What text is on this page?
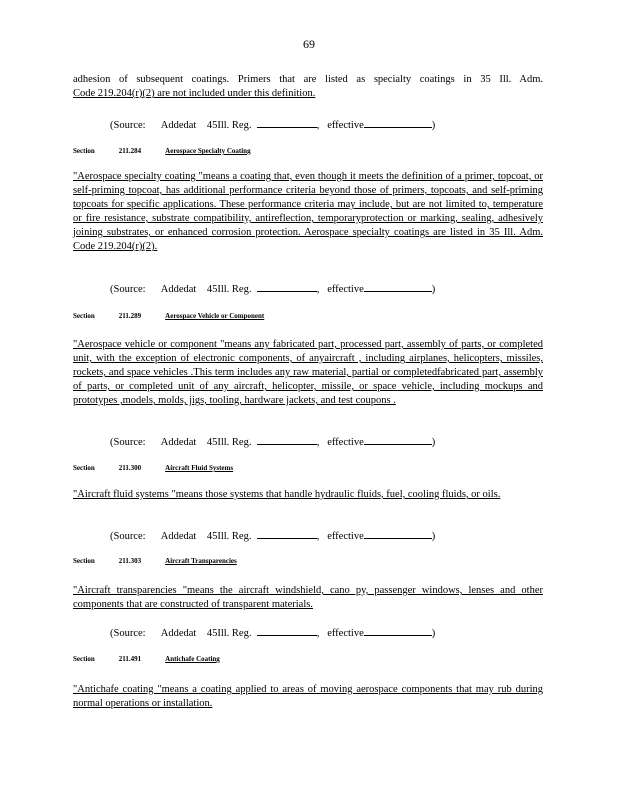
69
adhesion of subsequent coatings. Primers that are listed as specialty coatings in 35 Ill. Adm.
Code 219.204(r)(2) are not included under this definition.
(Source: Addedat 45Ill. Reg.	,   effective	)
Section	211.284	Aerospace Specialty Coating
"Aerospace specialty coating "means a coating that, even though it meets the definition of a primer, topcoat, or self-priming topcoat, has additional performance criteria beyond those of primers, topcoats, and self-priming topcoats for specific applications. These performance criteria may include, but are not limited to, temperature or fire resistance, substrate compatibility, antireflection, temporaryprotection or marking, sealing, adhesively joining substrates, or enhanced corrosion protection. Aerospace specialty coatings are listed in 35 Ill. Adm. Code 219.204(r)(2).
(Source: Addedat 45Ill. Reg.	,   effective	)
Section	211.289	Aerospace Vehicle or Component
"Aerospace vehicle or component "means any fabricated part, processed part, assembly of parts, or completed unit, with the exception of electronic components, of anyaircraft , including airplanes, helicopters, missiles, rockets, and space vehicles .This term includes any raw material, partial or completedfabricated part, assembly of parts, or completed unit of any aircraft, helicopter, missile, or space vehicle, including mockups and prototypes ,models, molds, jigs, tooling, hardware jackets, and test coupons .
(Source: Addedat 45Ill. Reg.	,   effective	)
Section	211.300	Aircraft Fluid Systems
"Aircraft fluid systems "means those systems that handle hydraulic fluids, fuel, cooling fluids, or oils.
(Source: Addedat 45Ill. Reg.	,   effective	)
Section	211.303	Aircraft Transparencies
"Aircraft transparencies "means the aircraft windshield, cano py, passenger windows, lenses and other components that are constructed of transparent materials.
(Source: Addedat 45Ill. Reg.	,   effective	)
Section	211.491	Antichafe Coating
"Antichafe coating "means a coating applied to areas of moving aerospace components that may rub during normal operations or installation.
